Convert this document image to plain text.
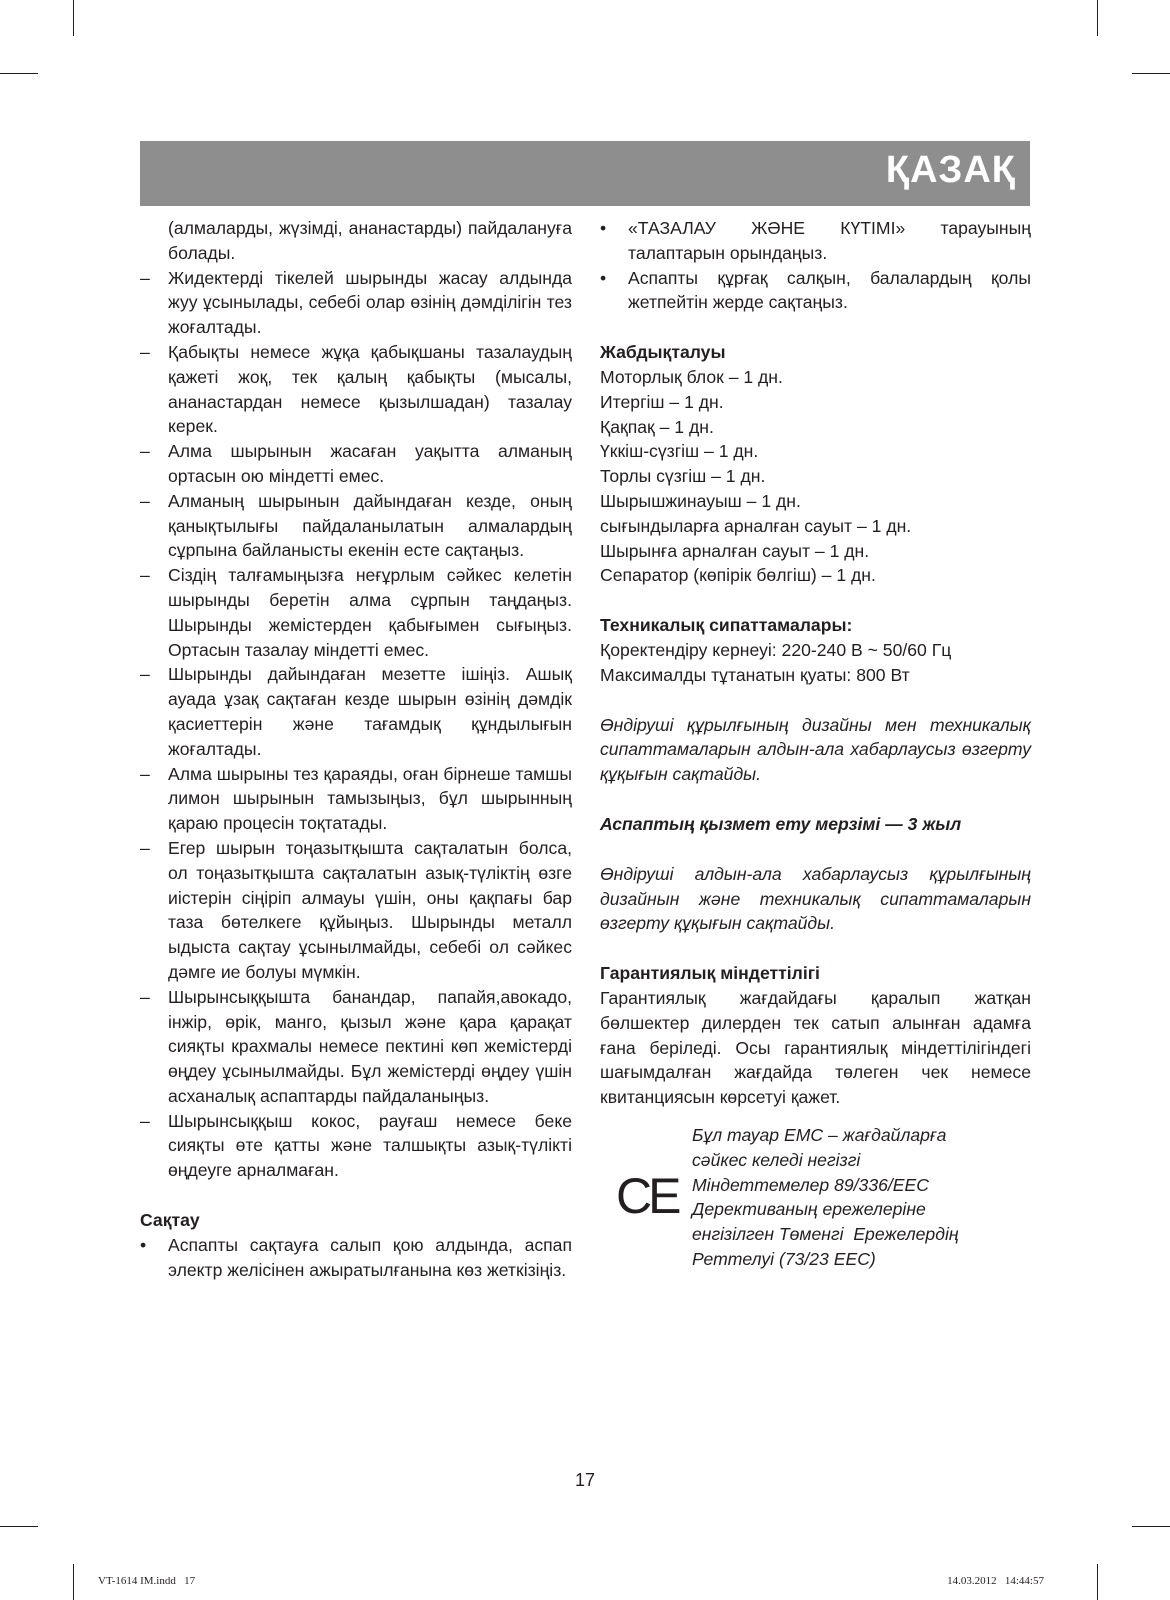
ҚАЗАҚ
(алмаларды, жүзімді, ананастарды) пайдалануға болады.
– Жидектерді тікелей шырынды жасау алдында жуу ұсынылады, себебі олар өзінің дәмділігін тез жоғалтады.
– Қабықты немесе жұқа қабықшаны тазалаудың қажеті жоқ, тек қалың қабықты (мысалы, ананастардан немесе қызылшадан) тазалау керек.
– Алма шырынын жасаған уақытта алманың ортасын ою міндетті емес.
– Алманың шырынын дайындаған кезде, оның қанықтылығы пайдаланылатын алмалардың сұрпына байланысты екенін есте сақтаңыз.
– Сіздің талғамыңызға неғұрлым сәйкес келетін шырынды беретін алма сұрпын таңдаңыз. Шырынды жемістерден қабығымен сығыңыз. Ортасын тазалау міндетті емес.
– Шырынды дайындаған мезетте ішіңіз. Ашық ауада ұзақ сақтаған кезде шырын өзінің дәмдік қасиеттерін және тағамдық құндылығын жоғалтады.
– Алма шырыны тез қараяды, оған бірнеше тамшы лимон шырынын тамызыңыз, бұл шырынның қараю процесін тоқтатады.
– Егер шырын тоңазытқышта сақталатын болса, ол тоңазытқышта сақталатын азық-түліктің өзге иістерін сіңіріп алмауы үшін, оны қақпағы бар таза бөтелкеге құйыңыз. Шырынды металл ыдыста сақтау ұсынылмайды, себебі ол сәйкес дәмге ие болуы мүмкін.
– Шырынсыққышта банандар, папайя,авокадо, інжір, өрік, манго, қызыл және қара қарақат сияқты крахмалы немесе пектині көп жемістерді өңдеу ұсынылмайды. Бұл жемістерді өңдеу үшін асханалық аспаптарды пайдаланыңыз.
– Шырынсыққыш кокос, рауғаш немесе беке сияқты өте қатты және талшықты азық-түлікті өңдеуге арналмаған.
Сақтау
• Аспапты сақтауға салып қою алдында, аспап электр желісінен ажыратылғанына көз жеткізіңіз.
• «ТАЗАЛАУ ЖӘНЕ КҮТІМІ» тарауының талаптарын орындаңыз.
• Аспапты құрғақ салқын, балалардың қолы жетпейтін жерде сақтаңыз.
Жабдықталуы
Моторлық блок – 1 дн.
Итергіш – 1 дн.
Қақпақ – 1 дн.
Үккіш-сүзгіш – 1 дн.
Торлы сүзгіш – 1 дн.
Шырышжинауыш – 1 дн.
сығындыларға арналған сауыт – 1 дн.
Шырынға арналған сауыт – 1 дн.
Сепаратор (көпірік бөлгіш) – 1 дн.
Техникалық сипаттамалары:
Қоректендіру кернеуі: 220-240 В ~ 50/60 Гц
Максималды тұтанатын қуаты: 800 Вт
Өндіруші құрылғының дизайны мен техникалық сипаттамаларын алдын-ала хабарлаусыз өзгерту құқығын сақтайды.
Аспаптың қызмет ету мерзімі — 3 жыл
Өндіруші алдын-ала хабарлаусыз құрылғының дизайнын және техникалық сипаттамаларын өзгерту құқығын сақтайды.
Гарантиялық міндеттілігі
Гарантиялық жағдайдағы қаралып жатқан бөлшектер дилерден тек сатып алынған адамға ғана беріледі. Осы гарантиялық міндеттілігіндегі шағымдалған жағдайда төлеген чек немесе квитанциясын көрсетуі қажет.
CE
Бұл тауар ЕМС – жағдайларға
сәйкес келеді негізгі
Міндеттемелер 89/336/ЕЕС
Дерективаның ережелеріне
енгізілген Төменгі  Ережелердің
Реттелуі (73/23 ЕЕС)
17
VT-1614 IM.indd   17	14.03.2012   14:44:57
